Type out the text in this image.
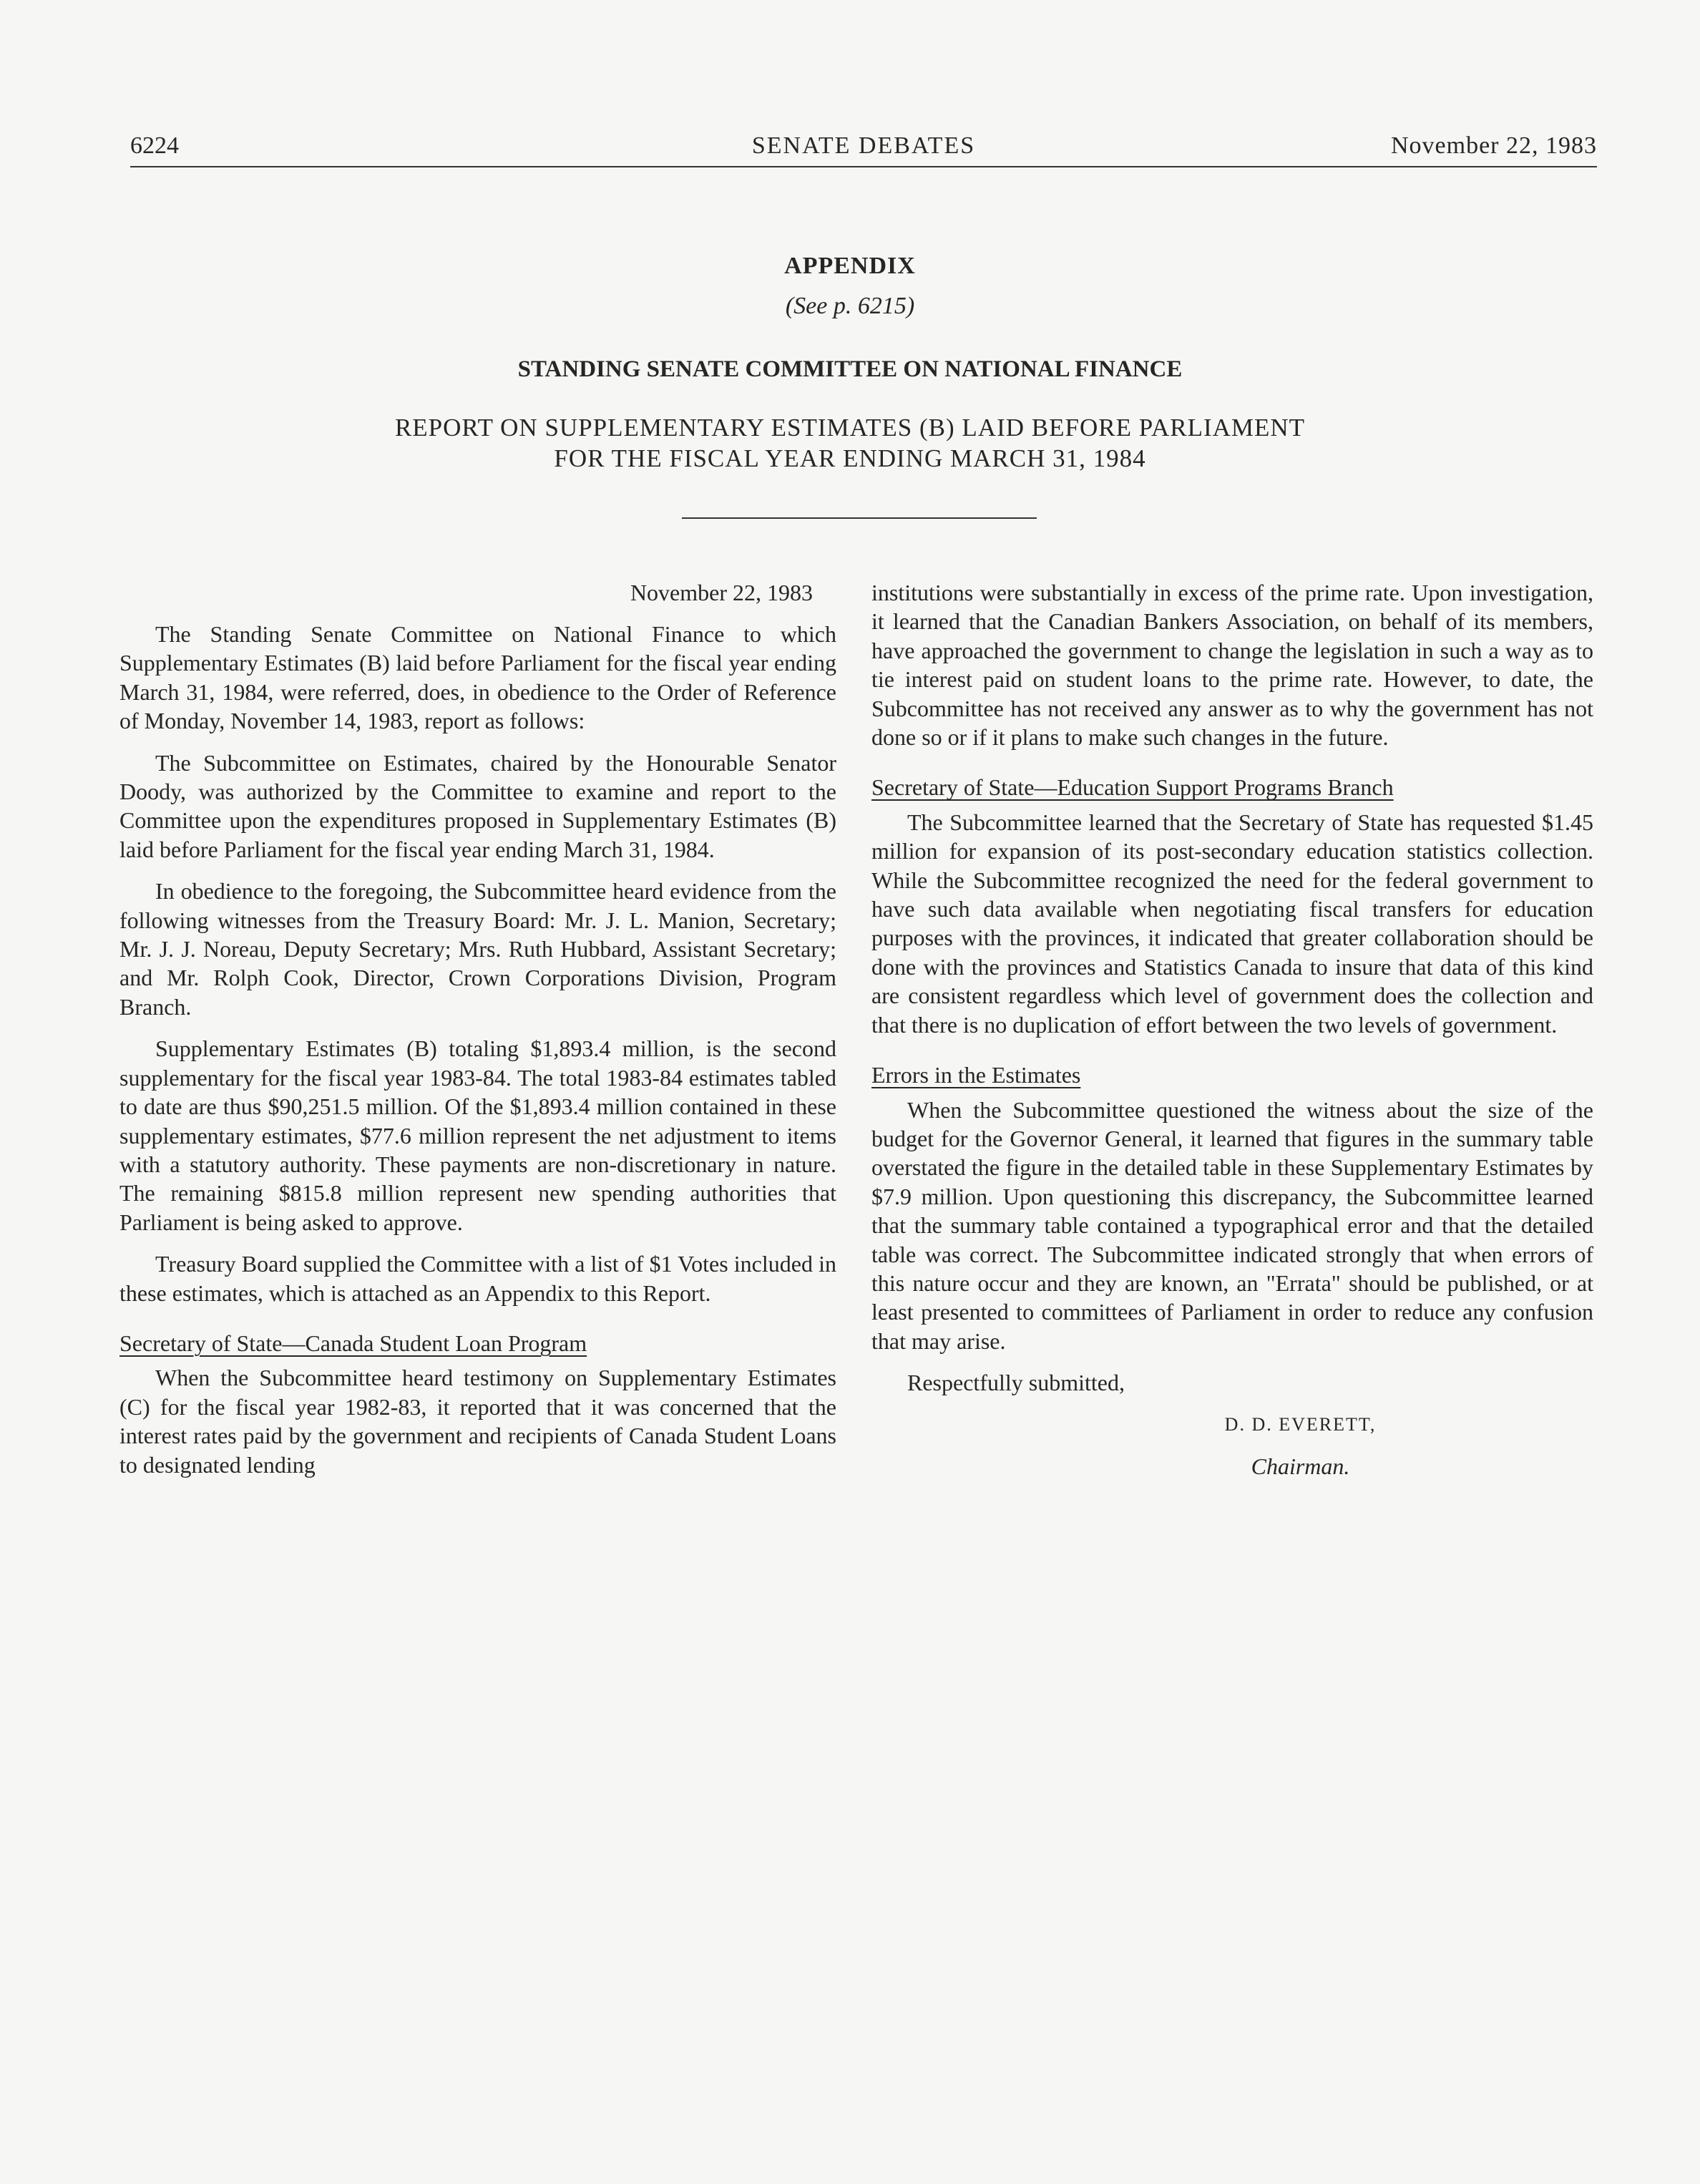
6224	SENATE DEBATES	November 22, 1983

APPENDIX

(See p. 6215)

STANDING SENATE COMMITTEE ON NATIONAL FINANCE

REPORT ON SUPPLEMENTARY ESTIMATES (B) LAID BEFORE PARLIAMENT
FOR THE FISCAL YEAR ENDING MARCH 31, 1984

November 22, 1983

The Standing Senate Committee on National Finance to which Supplementary Estimates (B) laid before Parliament for the fiscal year ending March 31, 1984, were referred, does, in obedience to the Order of Reference of Monday, November 14, 1983, report as follows:

The Subcommittee on Estimates, chaired by the Honourable Senator Doody, was authorized by the Committee to examine and report to the Committee upon the expenditures proposed in Supplementary Estimates (B) laid before Parliament for the fiscal year ending March 31, 1984.

In obedience to the foregoing, the Subcommittee heard evidence from the following witnesses from the Treasury Board: Mr. J. L. Manion, Secretary; Mr. J. J. Noreau, Deputy Secretary; Mrs. Ruth Hubbard, Assistant Secretary; and Mr. Rolph Cook, Director, Crown Corporations Division, Program Branch.

Supplementary Estimates (B) totaling $1,893.4 million, is the second supplementary for the fiscal year 1983-84. The total 1983-84 estimates tabled to date are thus $90,251.5 million. Of the $1,893.4 million contained in these supplementary estimates, $77.6 million represent the net adjustment to items with a statutory authority. These payments are non-discretionary in nature. The remaining $815.8 million represent new spending authorities that Parliament is being asked to approve.

Treasury Board supplied the Committee with a list of $1 Votes included in these estimates, which is attached as an Appendix to this Report.

Secretary of State—Canada Student Loan Program

When the Subcommittee heard testimony on Supplementary Estimates (C) for the fiscal year 1982-83, it reported that it was concerned that the interest rates paid by the government and recipients of Canada Student Loans to designated lending

institutions were substantially in excess of the prime rate. Upon investigation, it learned that the Canadian Bankers Association, on behalf of its members, have approached the government to change the legislation in such a way as to tie interest paid on student loans to the prime rate. However, to date, the Subcommittee has not received any answer as to why the government has not done so or if it plans to make such changes in the future.

Secretary of State—Education Support Programs Branch

The Subcommittee learned that the Secretary of State has requested $1.45 million for expansion of its post-secondary education statistics collection. While the Subcommittee recognized the need for the federal government to have such data available when negotiating fiscal transfers for education purposes with the provinces, it indicated that greater collaboration should be done with the provinces and Statistics Canada to insure that data of this kind are consistent regardless which level of government does the collection and that there is no duplication of effort between the two levels of government.

Errors in the Estimates

When the Subcommittee questioned the witness about the size of the budget for the Governor General, it learned that figures in the summary table overstated the figure in the detailed table in these Supplementary Estimates by $7.9 million. Upon questioning this discrepancy, the Subcommittee learned that the summary table contained a typographical error and that the detailed table was correct. The Subcommittee indicated strongly that when errors of this nature occur and they are known, an "Errata" should be published, or at least presented to committees of Parliament in order to reduce any confusion that may arise.

Respectfully submitted,

D. D. EVERETT,

Chairman.
